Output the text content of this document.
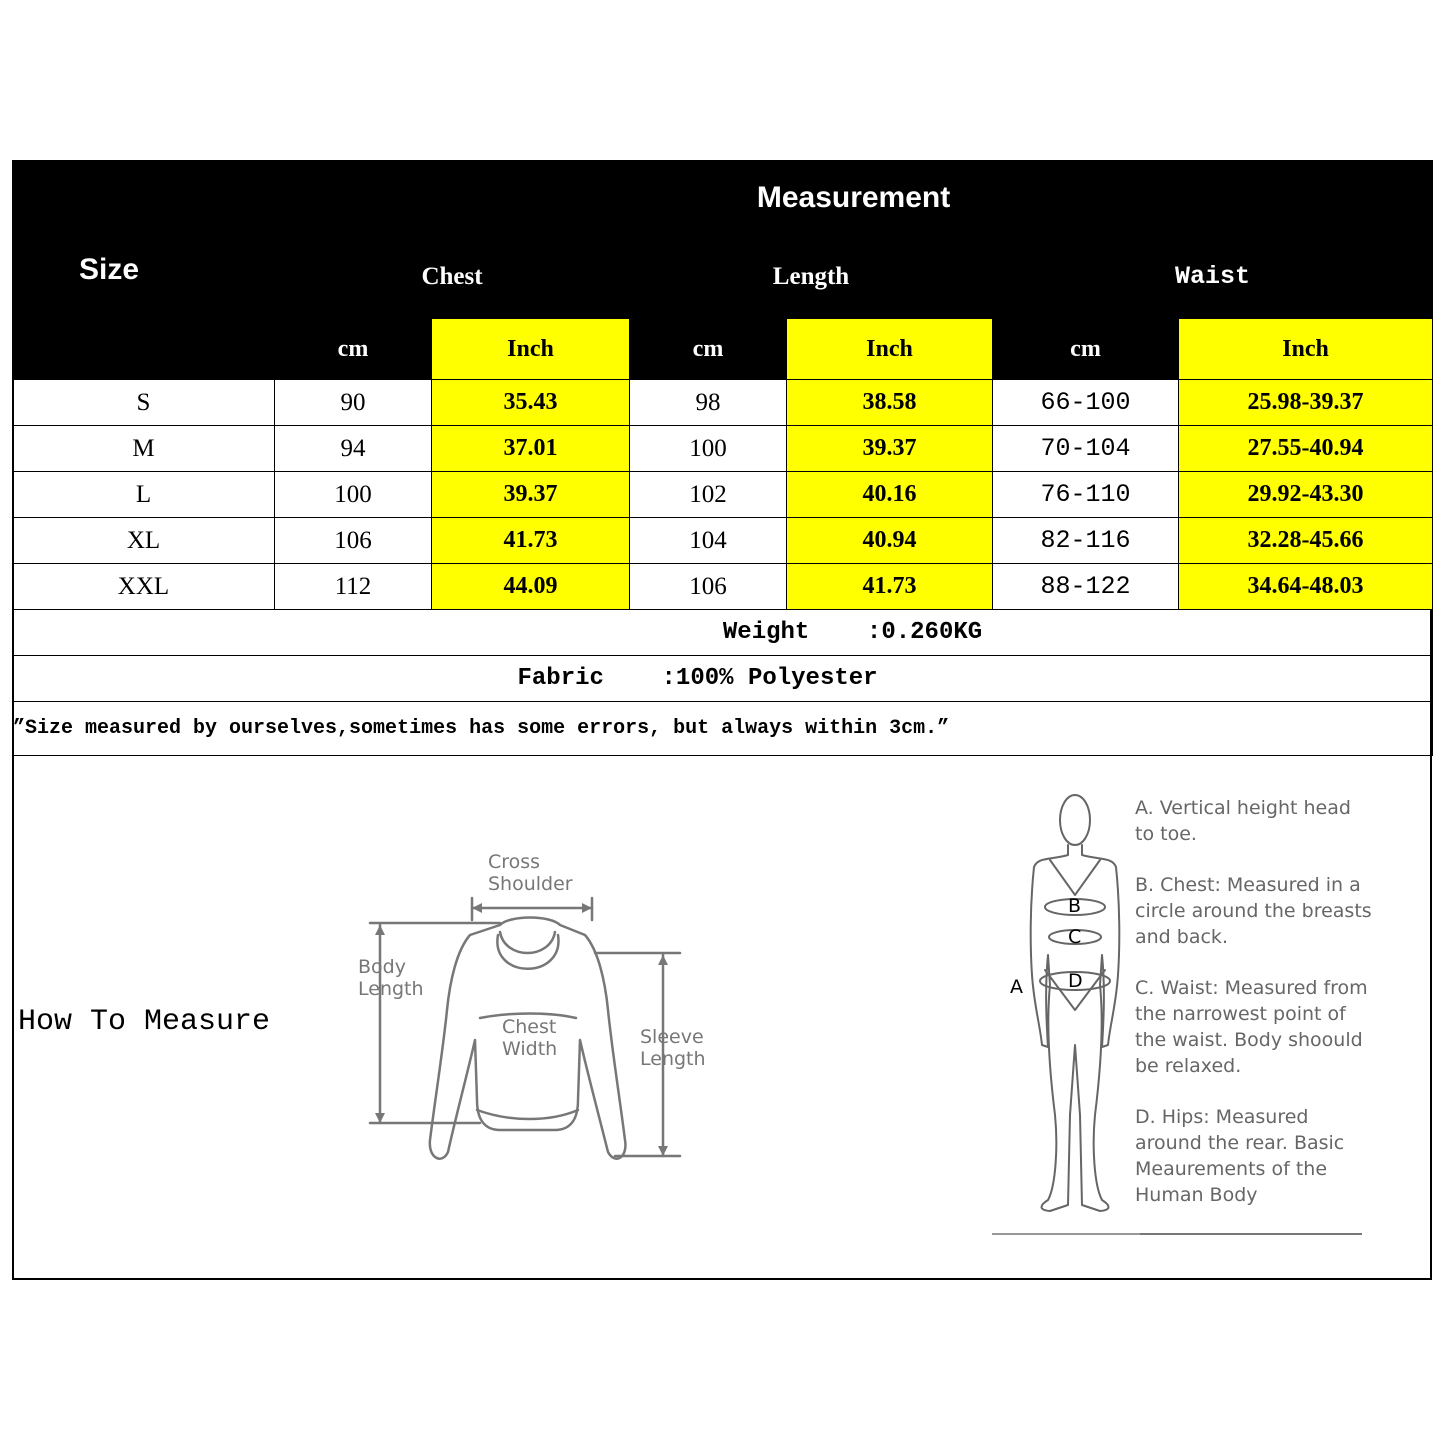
Size	Measurement					
	Chest		Length		Waist	
	cm	Inch	cm	Inch	cm	Inch
S	90	35.43	98	38.58	66-100	25.98-39.37
M	94	37.01	100	39.37	70-104	27.55-40.94
L	100	39.37	102	40.16	76-110	29.92-43.30
XL	106	41.73	104	40.94	82-116	32.28-45.66
XXL	112	44.09	106	41.73	88-122	34.64-48.03
Weight    :0.260KG						
Fabric    :100% Polyester						
”Size measured by ourselves,sometimes has some errors, but always within 3cm.”						
How To Measure
Cross
Shoulder
Body
Length
Chest
Width
Sleeve
Length
A
B
C
D

A. Vertical height head to toe.

B. Chest: Measured in a circle around the breasts and back.

C. Waist: Measured from the narrowest point of the waist. Body shoould be relaxed.

D. Hips: Measured around the rear. Basic Meaurements of the Human Body
